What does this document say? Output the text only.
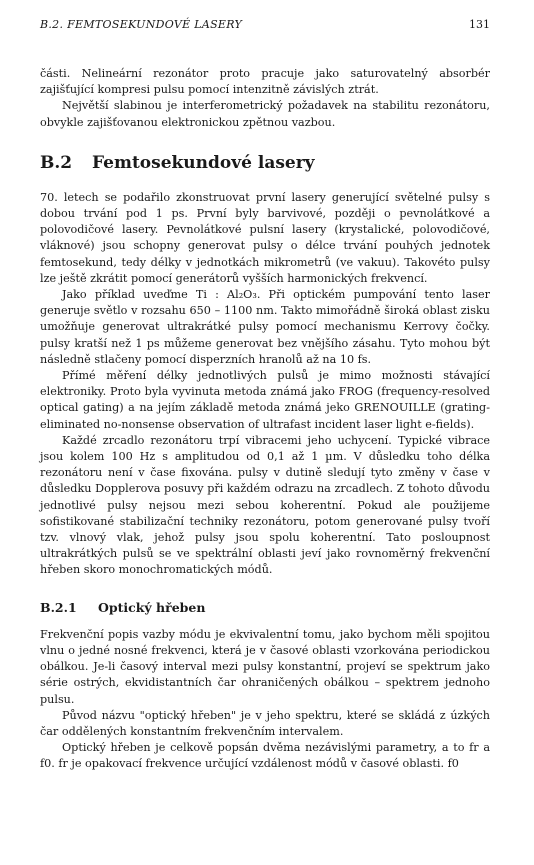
B.2. FEMTOSEKUNDOVÉ LASERY	131

části. Nelineární rezonátor proto pracuje jako saturovatelný absorbér zajišťující kompresi pulsu pomocí intenzitně závislých ztrát.

Největší slabinou je interferometrický požadavek na stabilitu rezonátoru, obvykle zajišťovanou elektronickou zpětnou vazbou.

B.2 Femtosekundové lasery

70. letech se podařilo zkonstruovat první lasery generující světelné pulsy s dobou trvání pod 1 ps. První byly barvivové, později o pevnolátkové a polovodičové lasery. Pevnolátkové pulsní lasery (krystalické, polovodičové, vláknové) jsou schopny generovat pulsy o délce trvání pouhých jednotek femtosekund, tedy délky v jednotkách mikrometrů (ve vakuu). Takovéto pulsy lze ještě zkrátit pomocí generátorů vyšších harmonických frekvencí.

Jako příklad uveďme Ti : Al₂O₃. Při optickém pumpování tento laser generuje světlo v rozsahu 650 – 1100 nm. Takto mimořádně široká oblast zisku umožňuje generovat ultrakrátké pulsy pomocí mechanismu Kerrovy čočky. pulsy kratší než 1 ps můžeme generovat bez vnějšího zásahu. Tyto mohou být následně stlačeny pomocí disperzních hranolů až na 10 fs.

Přímé měření délky jednotlivých pulsů je mimo možnosti stávající elektroniky. Proto byla vyvinuta metoda známá jako FROG (frequency-resolved optical gating) a na jejím základě metoda známá jeko GRENOUILLE (grating-eliminated no-nonsense observation of ultrafast incident laser light e-fields).

Každé zrcadlo rezonátoru trpí vibracemi jeho uchycení. Typické vibrace jsou kolem 100 Hz s amplitudou od 0,1 až 1 µm. V důsledku toho délka rezonátoru není v čase fixována. pulsy v dutině sledují tyto změny v čase v důsledku Dopplerova posuvy při každém odrazu na zrcadlech. Z tohoto důvodu jednotlivé pulsy nejsou mezi sebou koherentní. Pokud ale použijeme sofistikované stabilizační techniky rezonátoru, potom generované pulsy tvoří tzv. vlnový vlak, jehož pulsy jsou spolu koherentní. Tato posloupnost ultrakrátkých pulsů se ve spektrální oblasti jeví jako rovnoměrný frekvenční hřeben skoro monochromatických módů.

B.2.1 Optický hřeben

Frekvenční popis vazby módu je ekvivalentní tomu, jako bychom měli spojitou vlnu o jedné nosné frekvenci, která je v časové oblasti vzorkována periodickou obálkou. Je-li časový interval mezi pulsy konstantní, projeví se spektrum jako série ostrých, ekvidistantních čar ohraničených obálkou – spektrem jednoho pulsu.

Původ názvu "optický hřeben" je v jeho spektru, které se skládá z úzkých čar oddělených konstantním frekvenčním intervalem.

Optický hřeben je celkově popsán dvěma nezávislými parametry, a to fr a f0. fr je opakovací frekvence určující vzdálenost módů v časové oblasti. f0
